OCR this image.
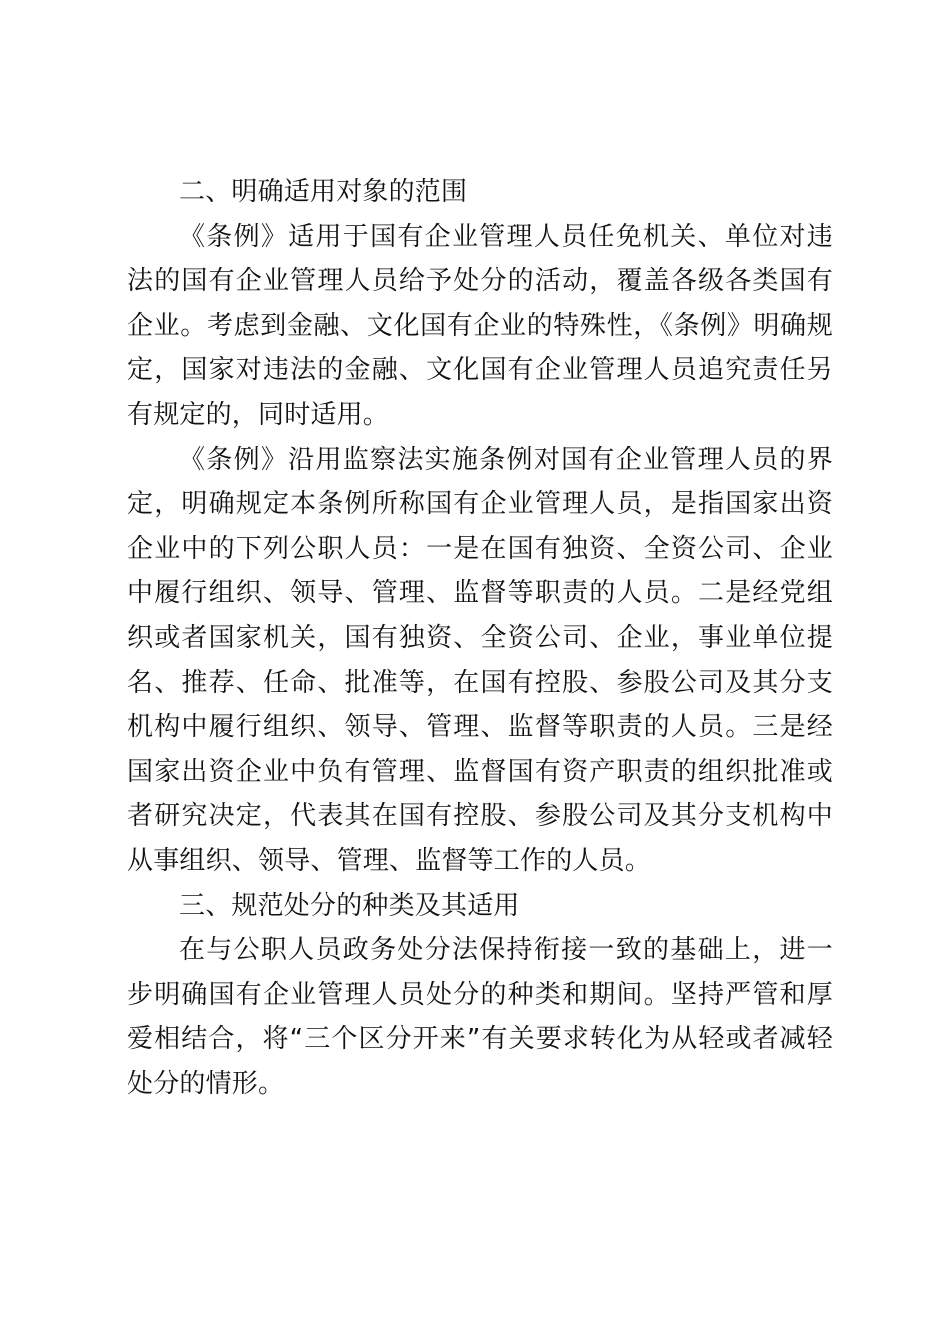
二、明确适用对象的范围

《条例》适用于国有企业管理人员任免机关、单位对违法的国有企业管理人员给予处分的活动，覆盖各级各类国有企业。考虑到金融、文化国有企业的特殊性，《条例》明确规定，国家对违法的金融、文化国有企业管理人员追究责任另有规定的，同时适用。

《条例》沿用监察法实施条例对国有企业管理人员的界定，明确规定本条例所称国有企业管理人员，是指国家出资企业中的下列公职人员：一是在国有独资、全资公司、企业中履行组织、领导、管理、监督等职责的人员。二是经党组织或者国家机关，国有独资、全资公司、企业，事业单位提名、推荐、任命、批准等，在国有控股、参股公司及其分支机构中履行组织、领导、管理、监督等职责的人员。三是经国家出资企业中负有管理、监督国有资产职责的组织批准或者研究决定，代表其在国有控股、参股公司及其分支机构中从事组织、领导、管理、监督等工作的人员。

三、规范处分的种类及其适用

在与公职人员政务处分法保持衔接一致的基础上，进一步明确国有企业管理人员处分的种类和期间。坚持严管和厚爱相结合，将“三个区分开来”有关要求转化为从轻或者减轻处分的情形。
